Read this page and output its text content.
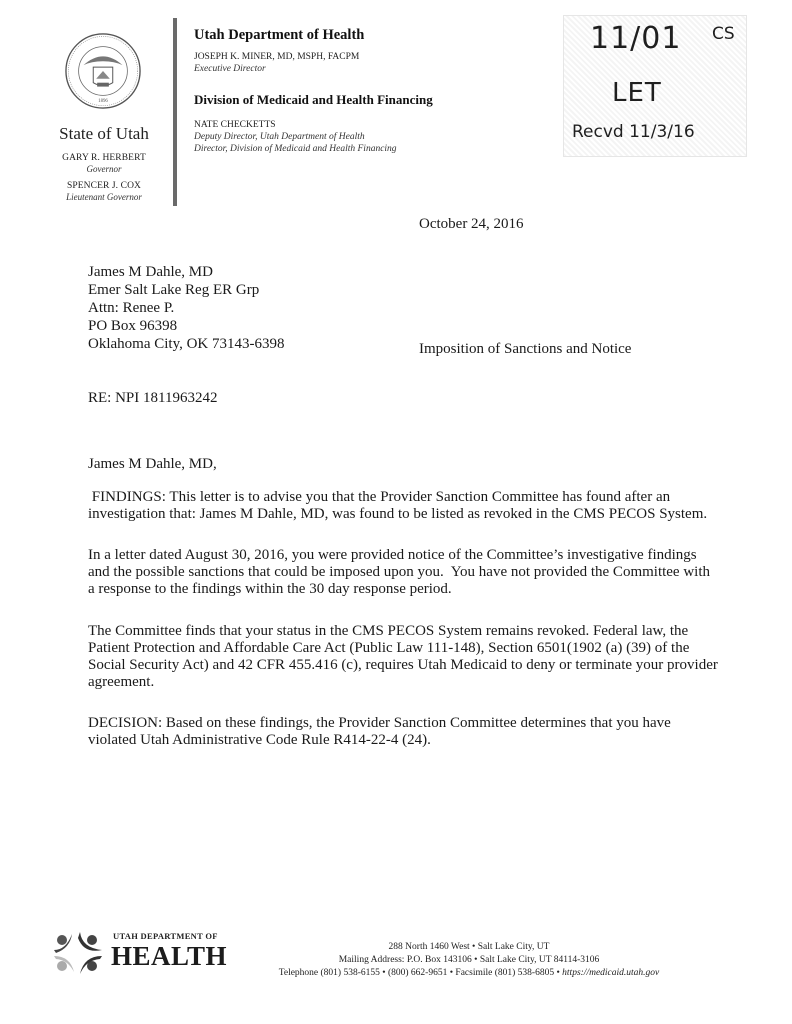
1896
State of Utah
GARY R. HERBERT
Governor
SPENCER J. COX
Lieutenant Governor
Utah Department of Health
JOSEPH K. MINER, MD, MSPH, FACPM
Executive Director
Division of Medicaid and Health Financing
NATE CHECKETTS
Deputy Director, Utah Department of Health
Director, Division of Medicaid and Health Financing
11/01 CS
LET
Recvd 11/3/16
October 24, 2016
James M Dahle, MD
Emer Salt Lake Reg ER Grp
Attn: Renee P.
PO Box 96398
Oklahoma City, OK 73143-6398	Imposition of Sanctions and Notice
RE: NPI 1811963242
James M Dahle, MD,
FINDINGS: This letter is to advise you that the Provider Sanction Committee has found after an investigation that: James M Dahle, MD, was found to be listed as revoked in the CMS PECOS System.
In a letter dated August 30, 2016, you were provided notice of the Committee’s investigative findings and the possible sanctions that could be imposed upon you.  You have not provided the Committee with a response to the findings within the 30 day response period.
The Committee finds that your status in the CMS PECOS System remains revoked. Federal law, the Patient Protection and Affordable Care Act (Public Law 111-148), Section 6501(1902 (a) (39) of the Social Security Act) and 42 CFR 455.416 (c), requires Utah Medicaid to deny or terminate your provider agreement.
DECISION: Based on these findings, the Provider Sanction Committee determines that you have violated Utah Administrative Code Rule R414-22-4 (24).
UTAH DEPARTMENT OF
HEALTH	288 North 1460 West • Salt Lake City, UT
Mailing Address: P.O. Box 143106 • Salt Lake City, UT 84114-3106
Telephone (801) 538-6155 • (800) 662-9651 • Facsimile (801) 538-6805 • https://medicaid.utah.gov
